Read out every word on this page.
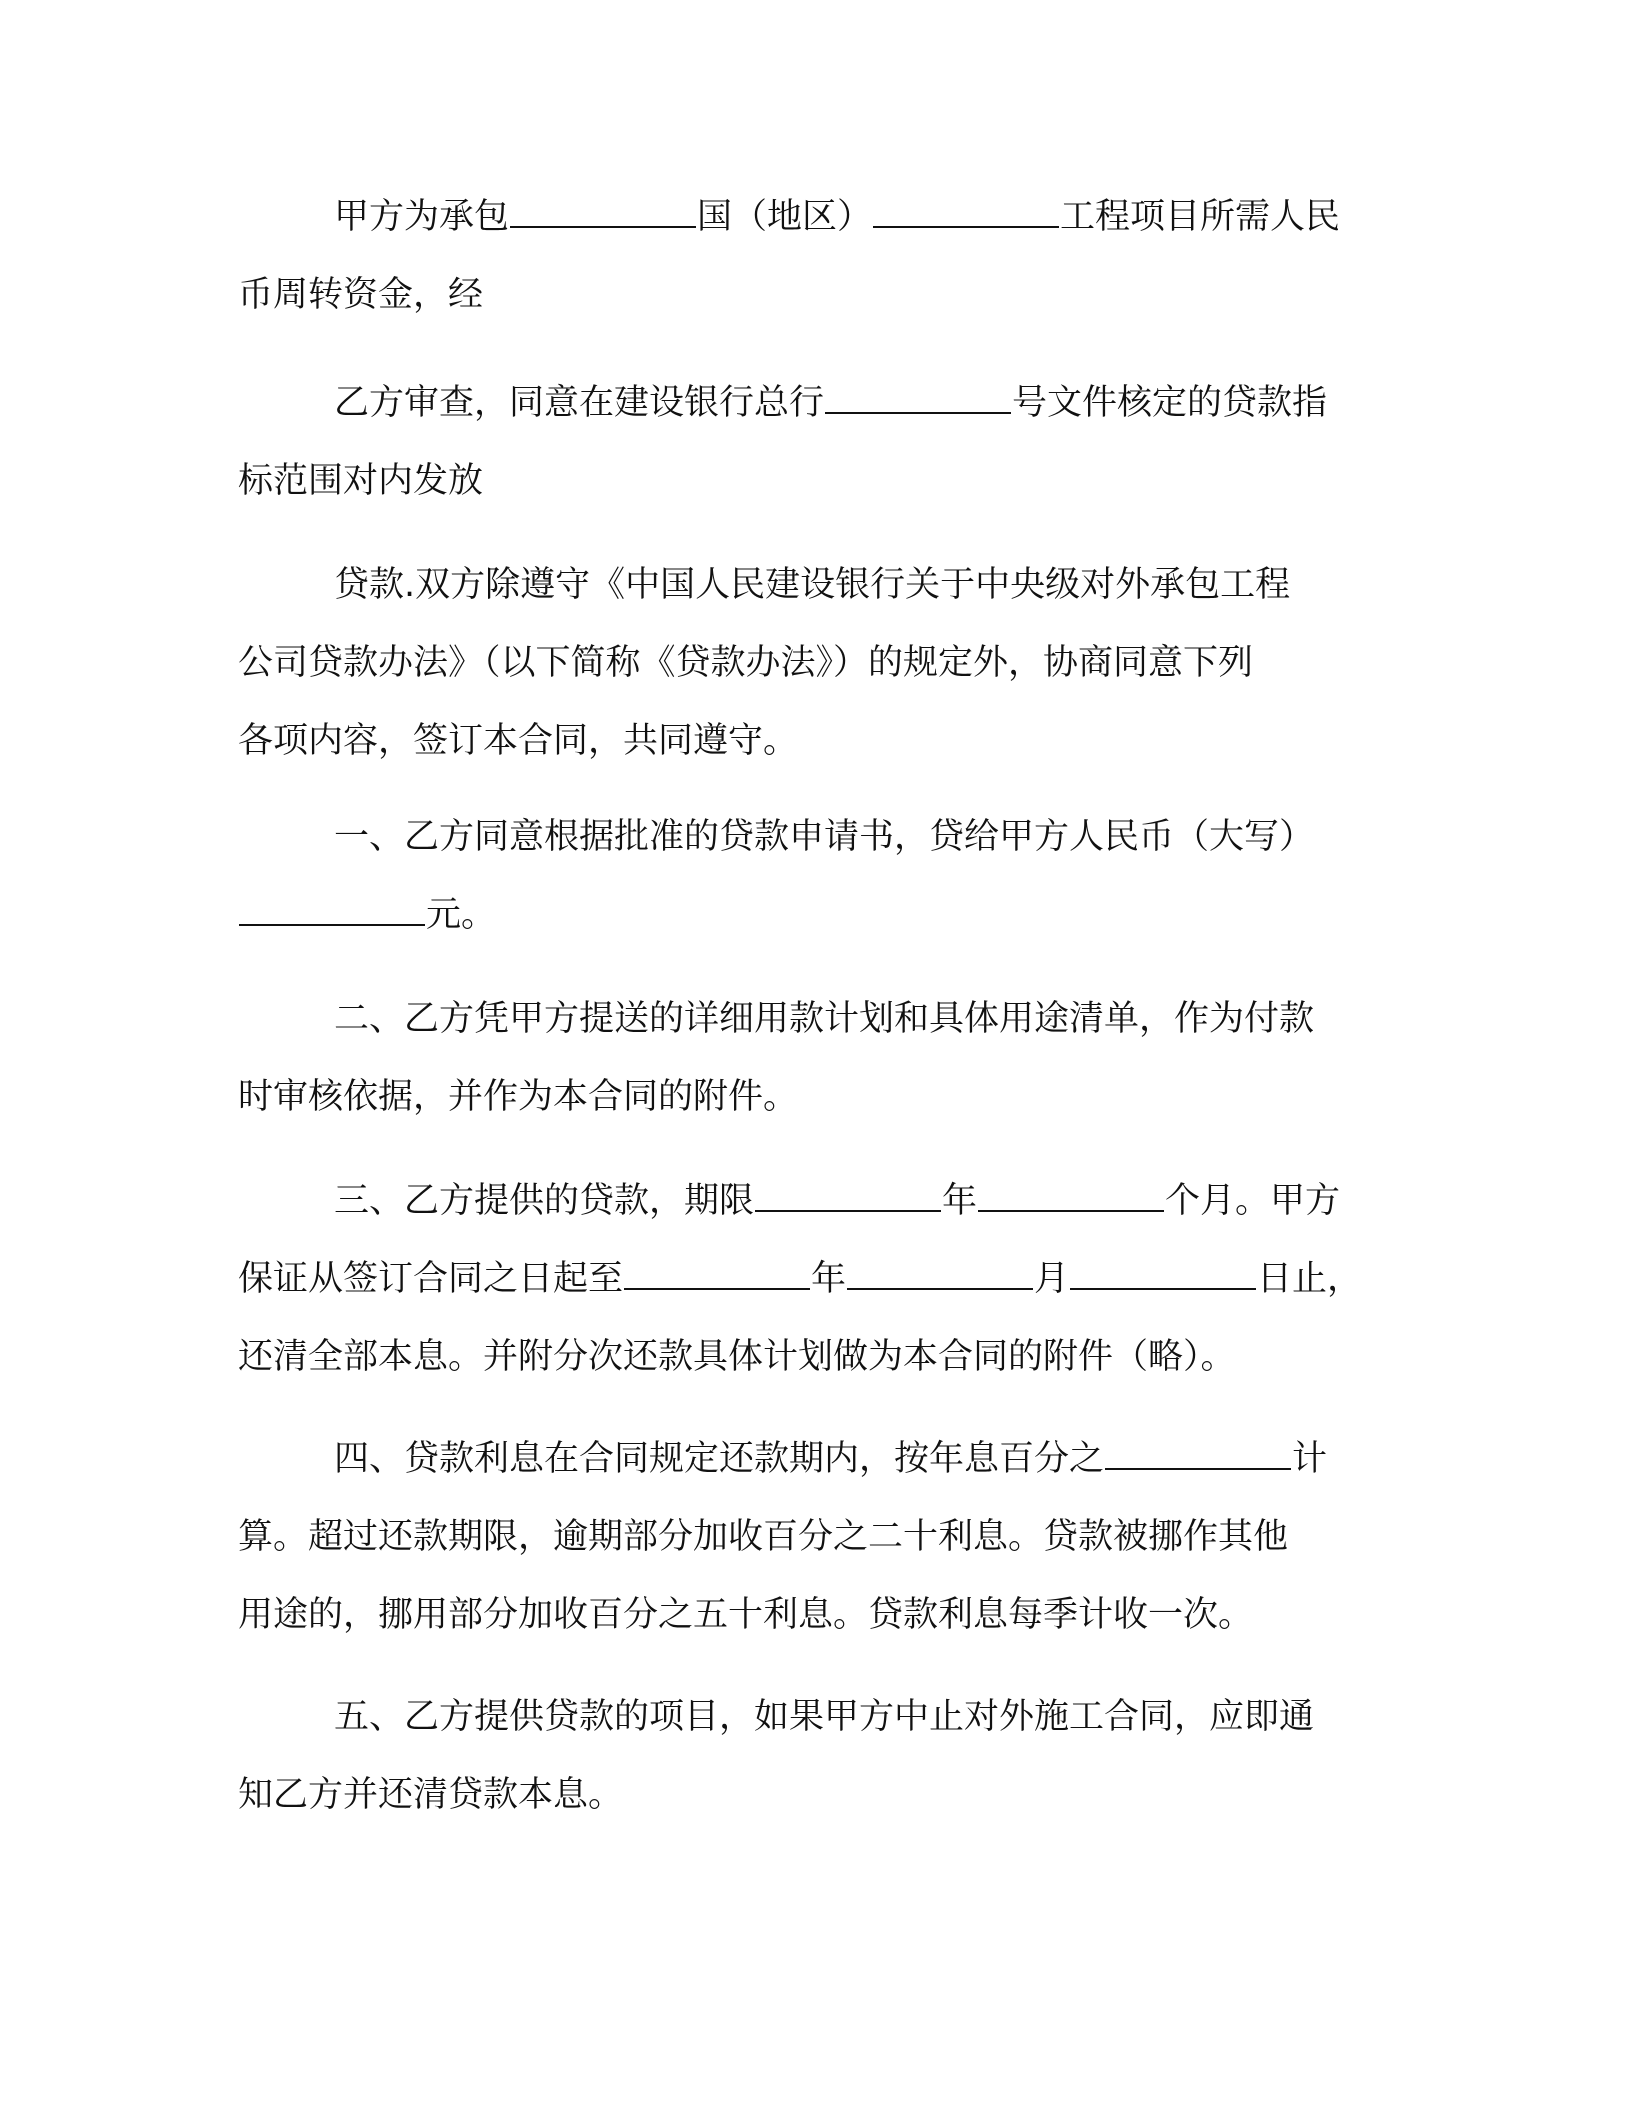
甲方为承包	国（地区）	工程项目所需人民
币周转资金，经
乙方审查，同意在建设银行总行	号文件核定的贷款指
标范围对内发放
贷款.双方除遵守《中国人民建设银行关于中央级对外承包工程
公司贷款办法》（以下简称《贷款办法》）的规定外，协商同意下列
各项内容，签订本合同，共同遵守。
一、乙方同意根据批准的贷款申请书，贷给甲方人民币（大写）
元。
二、乙方凭甲方提送的详细用款计划和具体用途清单，作为付款
时审核依据，并作为本合同的附件。
三、乙方提供的贷款，期限	年	个月。甲方
保证从签订合同之日起至	年	月	日止，
还清全部本息。并附分次还款具体计划做为本合同的附件（略）。
四、贷款利息在合同规定还款期内，按年息百分之	计
算。超过还款期限，逾期部分加收百分之二十利息。贷款被挪作其他
用途的，挪用部分加收百分之五十利息。贷款利息每季计收一次。
五、乙方提供贷款的项目，如果甲方中止对外施工合同，应即通
知乙方并还清贷款本息。
